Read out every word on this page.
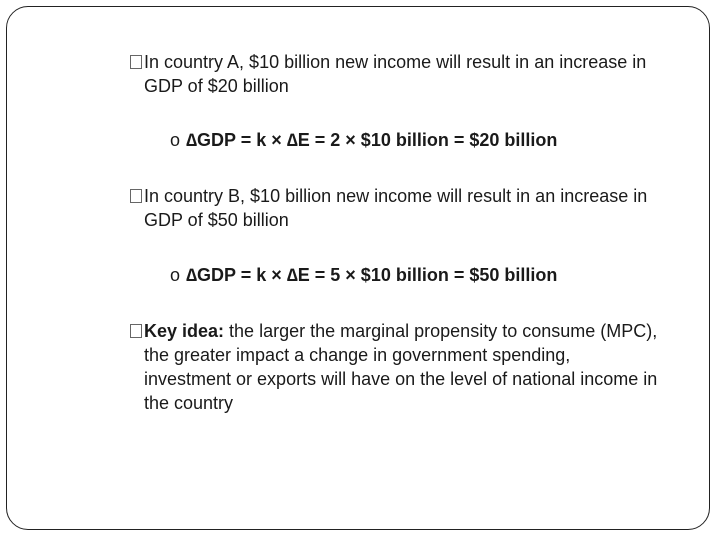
In country A, $10 billion new income will result in an increase in GDP of $20 billion
o ∆GDP = k × ∆E = 2 × $10 billion = $20 billion
In country B, $10 billion new income will result in an increase in GDP of $50 billion
o ∆GDP = k × ∆E = 5 × $10 billion = $50 billion
Key idea: the larger the marginal propensity to consume (MPC), the greater impact a change in government spending, investment or exports will have on the level of national income in the country
